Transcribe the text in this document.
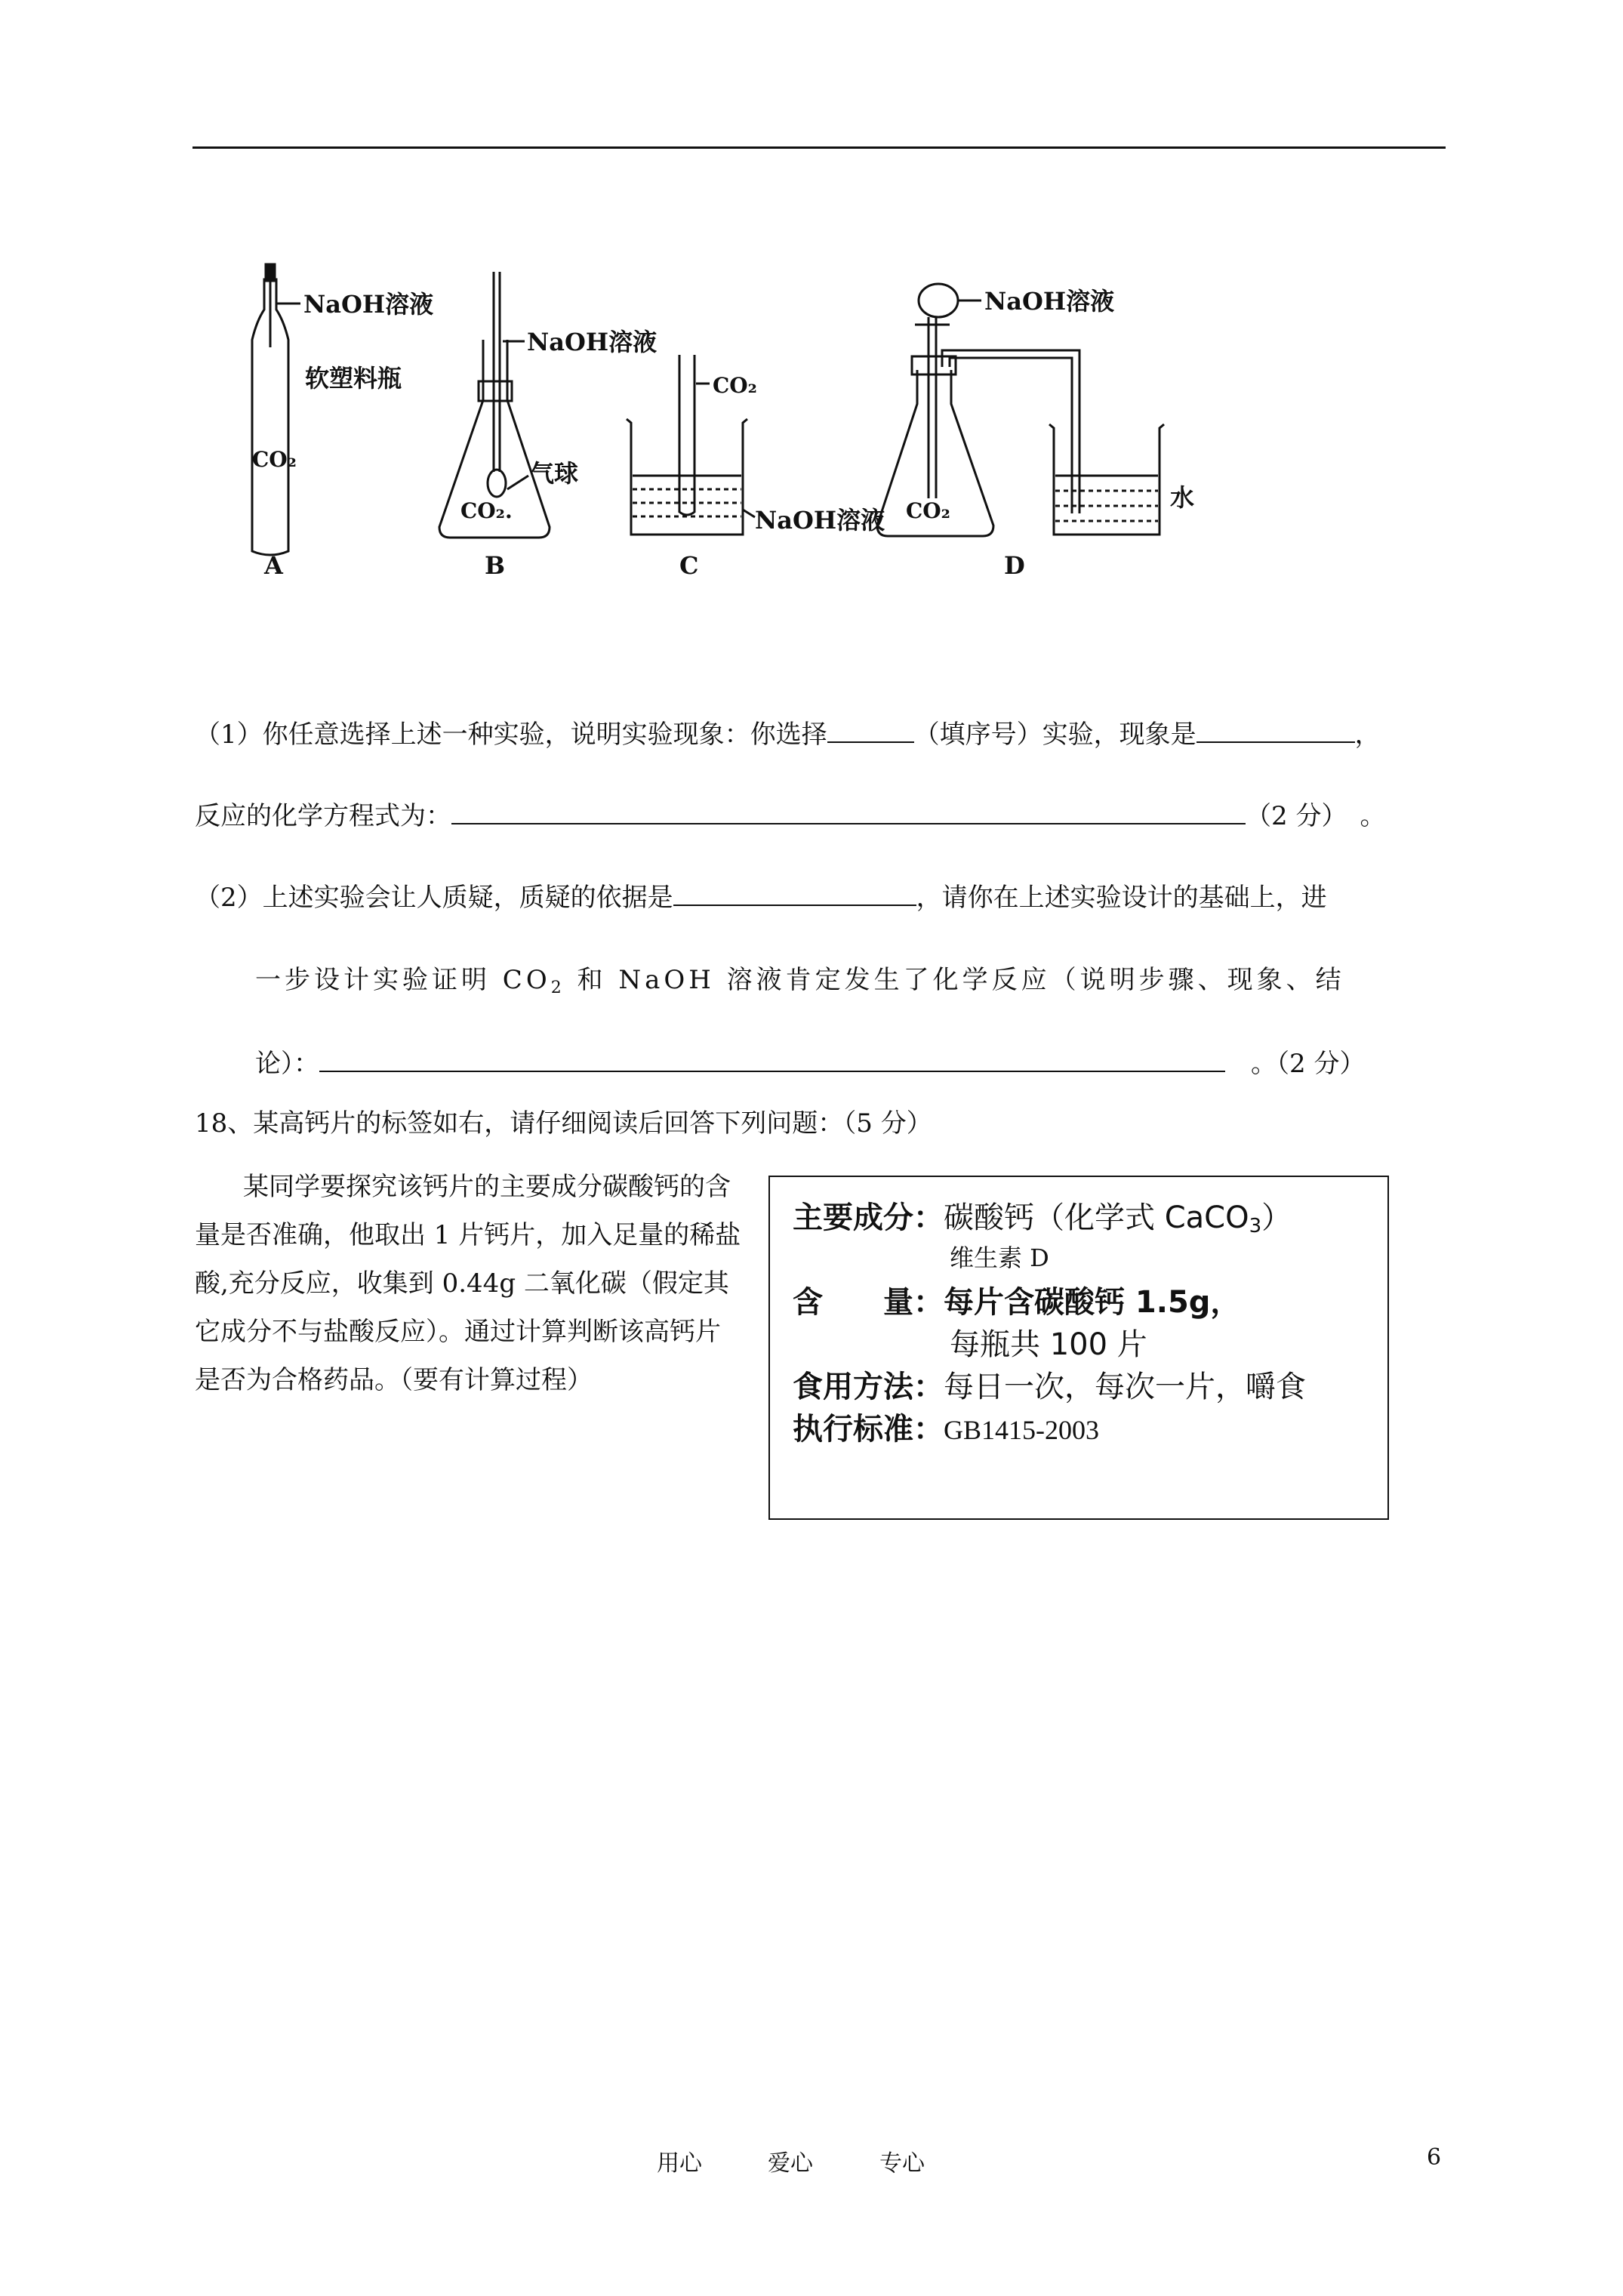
NaOH溶液
软塑料瓶
CO₂
NaOH溶液
气球
CO₂.
CO₂
NaOH溶液
NaOH溶液
CO₂	水
A	B	C	D
（1）你任意选择上述一种实验，说明实验现象：你选择	（填序号）实验，现象是	，
反应的化学方程式为：	（2 分）　。
（2）上述实验会让人质疑，质疑的依据是	，请你在上述实验设计的基础上，进
一步设计实验证明 $CO_2$ 和 NaOH 溶液肯定发生了化学反应（说明步骤、现象、结
论）：	　。（2 分）
18、某高钙片的标签如右，请仔细阅读后回答下列问题：（5 分）
某同学要探究该钙片的主要成分碳酸钙的含量是否准确，他取出 1 片钙片，加入足量的稀盐酸,充分反应，收集到 0.44g 二氧化碳（假定其它成分不与盐酸反应）。通过计算判断该高钙片是否为合格药品。（要有计算过程）
主要成分：碳酸钙（化学式 CaCO3）
维生素 D
含　　量：每片含碳酸钙 1.5g，
每瓶共 100 片
食用方法：每日一次，每次一片，嚼食
执行标准：GB1415-2003
用心	爱心	专心	6
